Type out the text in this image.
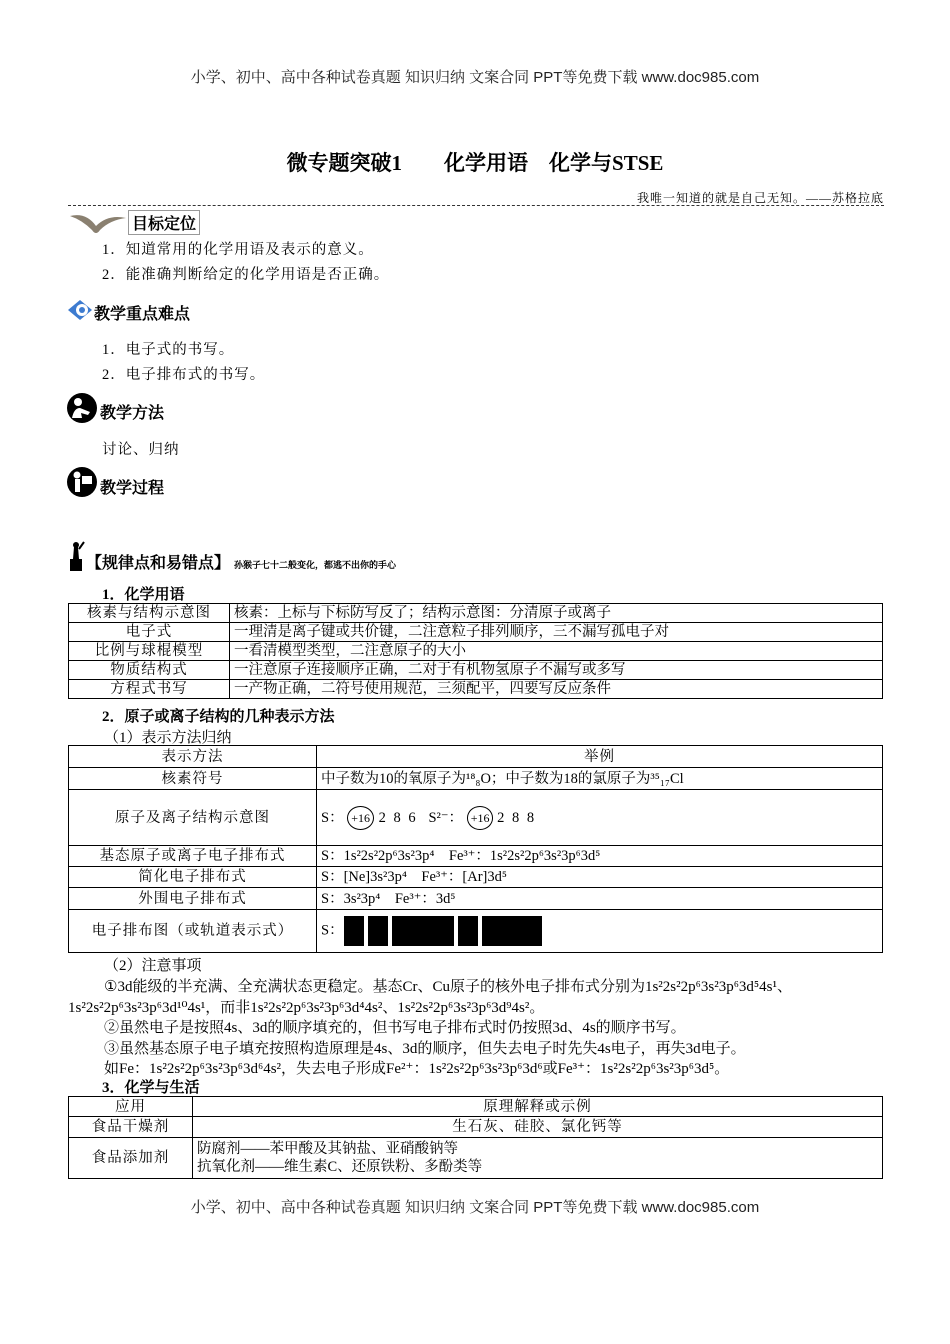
小学、初中、高中各种试卷真题 知识归纳 文案合同 PPT等免费下载 www.doc985.com
微专题突破1　　化学用语　化学与STSE
我唯一知道的就是自己无知。——苏格拉底
目标定位
1．知道常用的化学用语及表示的意义。
2．能准确判断给定的化学用语是否正确。
教学重点难点
1．电子式的书写。
2．电子排布式的书写。
教学方法
讨论、归纳
教学过程
【规律点和易错点】 孙猴子七十二般变化，都逃不出你的手心
1．化学用语
核素与结构示意图	核素：上标与下标防写反了；结构示意图：分清原子或离子
电子式	一理清是离子键或共价键，二注意粒子排列顺序，三不漏写孤电子对
比例与球棍模型	一看清模型类型，二注意原子的大小
物质结构式	一注意原子连接顺序正确，二对于有机物氢原子不漏写或多写
方程式书写	一产物正确，二符号使用规范，三须配平，四要写反应条件
2．原子或离子结构的几种表示方法
（1）表示方法归纳
表示方法	举例
核素符号	中子数为10的氧原子为¹⁸₈O；中子数为18的氯原子为³⁵₁₇Cl
原子及离子结构示意图	S： +16 2 8 6 S²⁻： +16 2 8 8
基态原子或离子电子排布式	S：1s²2s²2p⁶3s²3p⁴　Fe³⁺：1s²2s²2p⁶3s²3p⁶3d⁵
简化电子排布式	S：[Ne]3s²3p⁴　Fe³⁺：[Ar]3d⁵
外围电子排布式	S：3s²3p⁴　Fe³⁺：3d⁵
电子排布图（或轨道表示式）	S：
（2）注意事项
①3d能级的半充满、全充满状态更稳定。基态Cr、Cu原子的核外电子排布式分别为1s²2s²2p⁶3s²3p⁶3d⁵4s¹、
1s²2s²2p⁶3s²3p⁶3d¹⁰4s¹，而非1s²2s²2p⁶3s²3p⁶3d⁴4s²、1s²2s²2p⁶3s²3p⁶3d⁹4s²。
②虽然电子是按照4s、3d的顺序填充的，但书写电子排布式时仍按照3d、4s的顺序书写。
③虽然基态原子电子填充按照构造原理是4s、3d的顺序，但失去电子时先失4s电子，再失3d电子。
如Fe：1s²2s²2p⁶3s²3p⁶3d⁶4s²，失去电子形成Fe²⁺：1s²2s²2p⁶3s²3p⁶3d⁶或Fe³⁺：1s²2s²2p⁶3s²3p⁶3d⁵。
3．化学与生活
应用	原理解释或示例
食品干燥剂	生石灰、硅胶、氯化钙等
食品添加剂	防腐剂——苯甲酸及其钠盐、亚硝酸钠等
抗氧化剂——维生素C、还原铁粉、多酚类等
小学、初中、高中各种试卷真题 知识归纳 文案合同 PPT等免费下载 www.doc985.com
